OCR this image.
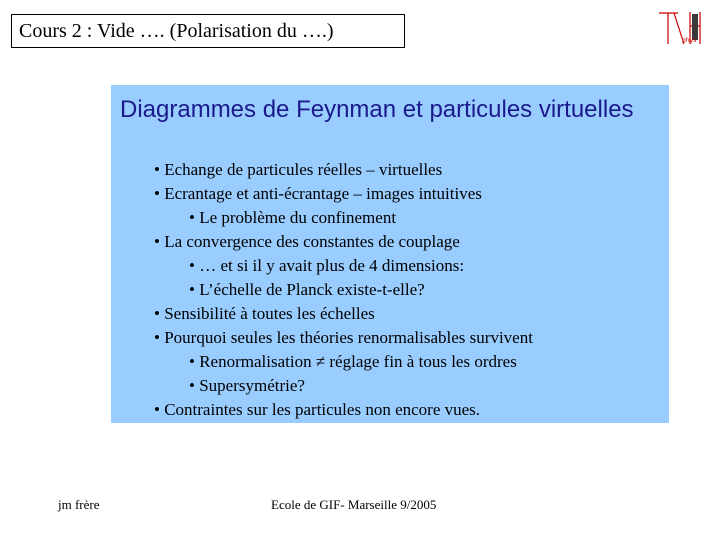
Cours 2 : Vide …. (Polarisation du ….)	phys
Diagrammes de Feynman et particules virtuelles
• Echange de particules réelles – virtuelles
• Ecrantage et anti-écrantage – images intuitives
• Le problème du confinement
• La convergence des constantes de couplage
• … et si il y avait plus de 4 dimensions:
• L’échelle de Planck existe-t-elle?
• Sensibilité à toutes les échelles
• Pourquoi seules les théories renormalisables survivent
• Renormalisation ≠ réglage fin à tous les ordres
• Supersymétrie?
• Contraintes sur les particules non encore vues.
jm frère	Ecole de GIF- Marseille 9/2005
